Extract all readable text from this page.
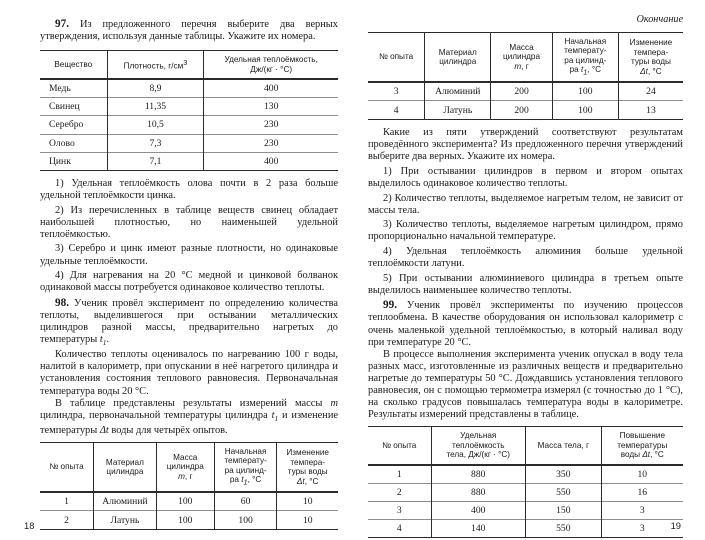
97. Из предложенного перечня выберите два верных утверждения, используя данные таблицы. Укажите их номера.

Вещество	Плотность, г/см3	Удельная теплоёмкость,
Дж/(кг · °С)
Медь	8,9	400
Свинец	11,35	130
Серебро	10,5	230
Олово	7,3	230
Цинк	7,1	400

1) Удельная теплоёмкость олова почти в 2 раза больше удельной теплоёмкости цинка.

2) Из перечисленных в таблице веществ свинец обладает наибольшей плотностью, но наименьшей удельной теплоёмкостью.

3) Серебро и цинк имеют разные плотности, но одинаковые удельные теплоёмкости.

4) Для нагревания на 20 °С медной и цинковой болванок одинаковой массы потребуется одинаковое количество теплоты.

98. Ученик провёл эксперимент по определению количества теплоты, выделившегося при остывании металлических цилиндров разной массы, предварительно нагретых до температуры $t_1$.

Количество теплоты оценивалось по нагреванию 100 г воды, налитой в калориметр, при опускании в неё нагретого цилиндра и установления состояния теплового равновесия. Первоначальная температура воды 20 °С.

В таблице представлены результаты измерений массы m цилиндра, первоначальной температуры цилиндра $t_1$ и изменение температуры Δt воды для четырёх опытов.

№ опыта	Материал
цилиндра	Масса
цилиндра
m, г	Начальная
температу-
ра цилинд-
ра t1, °С	Изменение
темпера-
туры воды
Δt, °С
1	Алюминий	100	60	10
2	Латунь	100	100	10
18

Окончание

№ опыта	Материал
цилиндра	Масса
цилиндра
m, г	Начальная
температу-
ра цилинд-
ра t1, °С	Изменение
темпера-
туры воды
Δt, °С
3	Алюминий	200	100	24
4	Латунь	200	100	13

Какие из пяти утверждений соответствуют результатам проведённого эксперимента? Из предложенного перечня утверждений выберите два верных. Укажите их номера.

1) При остывании цилиндров в первом и втором опытах выделилось одинаковое количество теплоты.

2) Количество теплоты, выделяемое нагретым телом, не зависит от массы тела.

3) Количество теплоты, выделяемое нагретым цилиндром, прямо пропорционально начальной температуре.

4) Удельная теплоёмкость алюминия больше удельной теплоёмкости латуни.

5) При остывании алюминиевого цилиндра в третьем опыте выделилось наименьшее количество теплоты.

99. Ученик провёл эксперименты по изучению процессов теплообмена. В качестве оборудования он использовал калориметр с очень маленькой удельной теплоёмкостью, в который наливал воду при температуре 20 °С.

В процессе выполнения эксперимента ученик опускал в воду тела разных масс, изготовленные из различных веществ и предварительно нагретые до температуры 50 °С. Дождавшись установления теплового равновесия, он с помощью термометра измерял (с точностью до 1 °С), на сколько градусов повышалась температура воды в калориметре. Результаты измерений представлены в таблице.

№ опыта	Удельная
теплоёмкость
тела, Дж/(кг · °С)	Масса тела, г	Повышение
температуры
воды Δt, °С
1	880	350	10
2	880	550	16
3	400	150	3
4	140	550	3	19
